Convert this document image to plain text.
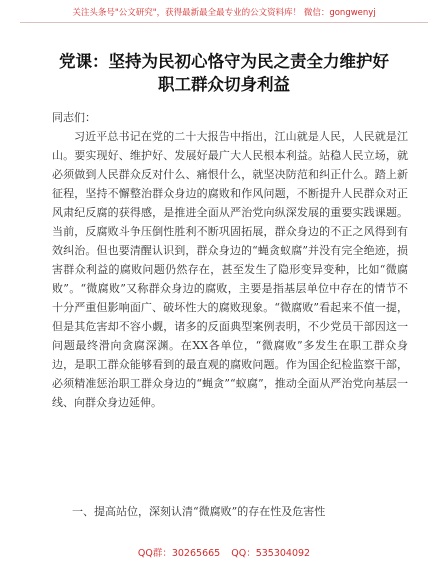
关注头条号"公文研究"，获得最新最全最专业的公文资料库！ 微信：gongwenyj
党课：坚持为民初心恪守为民之责全力维护好
职工群众切身利益
同志们：
习近平总书记在党的二十大报告中指出，江山就是人民，人民就是江山。要实现好、维护好、发展好最广大人民根本利益。站稳人民立场，就必须做到人民群众反对什么、痛恨什么，就坚决防范和纠正什么。踏上新征程，坚持不懈整治群众身边的腐败和作风问题，不断提升人民群众对正风肃纪反腐的获得感，是推进全面从严治党向纵深发展的重要实践课题。当前，反腐败斗争压倒性胜利不断巩固拓展，群众身边的不正之风得到有效纠治。但也要清醒认识到，群众身边的“蝇贪蚁腐”并没有完全绝迹，损害群众利益的腐败问题仍然存在，甚至发生了隐形变异变种，比如“微腐败”。“微腐败”又称群众身边的腐败，主要是指基层单位中存在的情节不十分严重但影响面广、破坏性大的腐败现象。“微腐败”看起来不值一提，但是其危害却不容小觑，诸多的反面典型案例表明，不少党员干部因这一问题最终滑向贪腐深渊。在XX各单位，“微腐败”多发生在职工群众身边，是职工群众能够看到的最直观的腐败问题。作为国企纪检监察干部，必须精准惩治职工群众身边的“蝇贪”“蚁腐”，推动全面从严治党向基层一线、向群众身边延伸。
一、提高站位，深刻认清“微腐败”的存在性及危害性
QQ群：30265665 QQ：535304092
